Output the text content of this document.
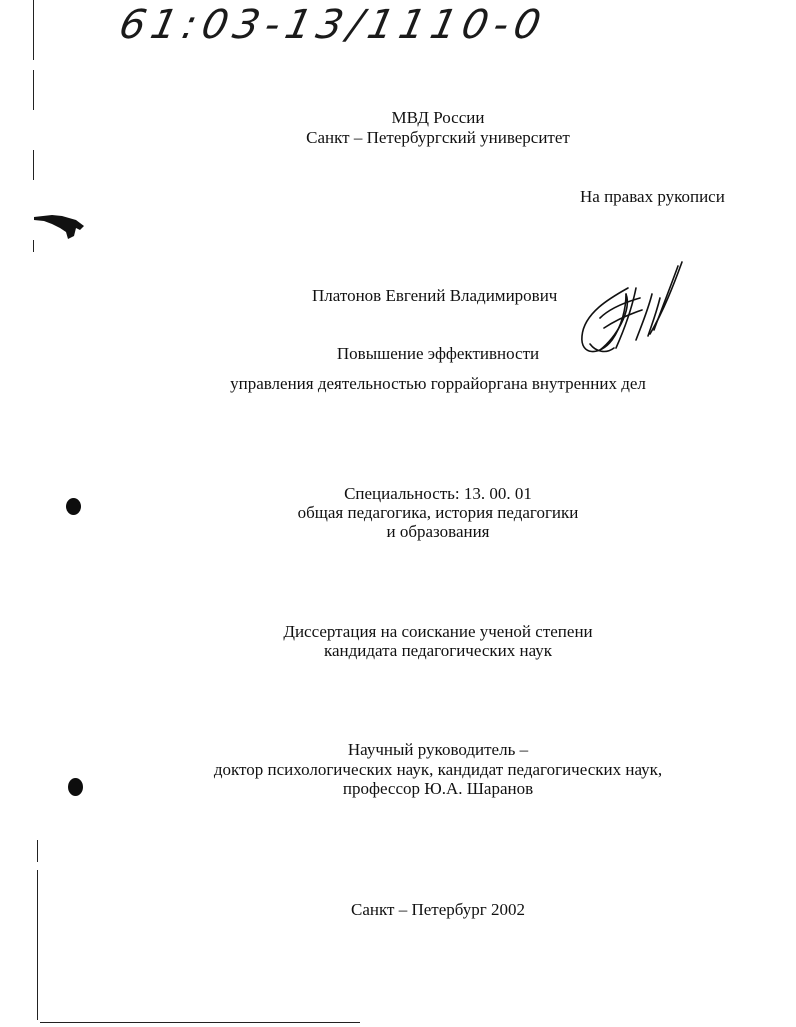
61:03-13/1110-0
МВД России
Санкт – Петербургский университет
На правах рукописи
Платонов Евгений Владимирович
Повышение эффективности
управления деятельностью горрайоргана внутренних дел
Специальность: 13. 00. 01
общая педагогика, история педагогики
и образования
Диссертация на соискание ученой степени
кандидата педагогических наук
Научный руководитель –
доктор психологических наук, кандидат педагогических наук,
профессор Ю.А. Шаранов
Санкт – Петербург 2002
